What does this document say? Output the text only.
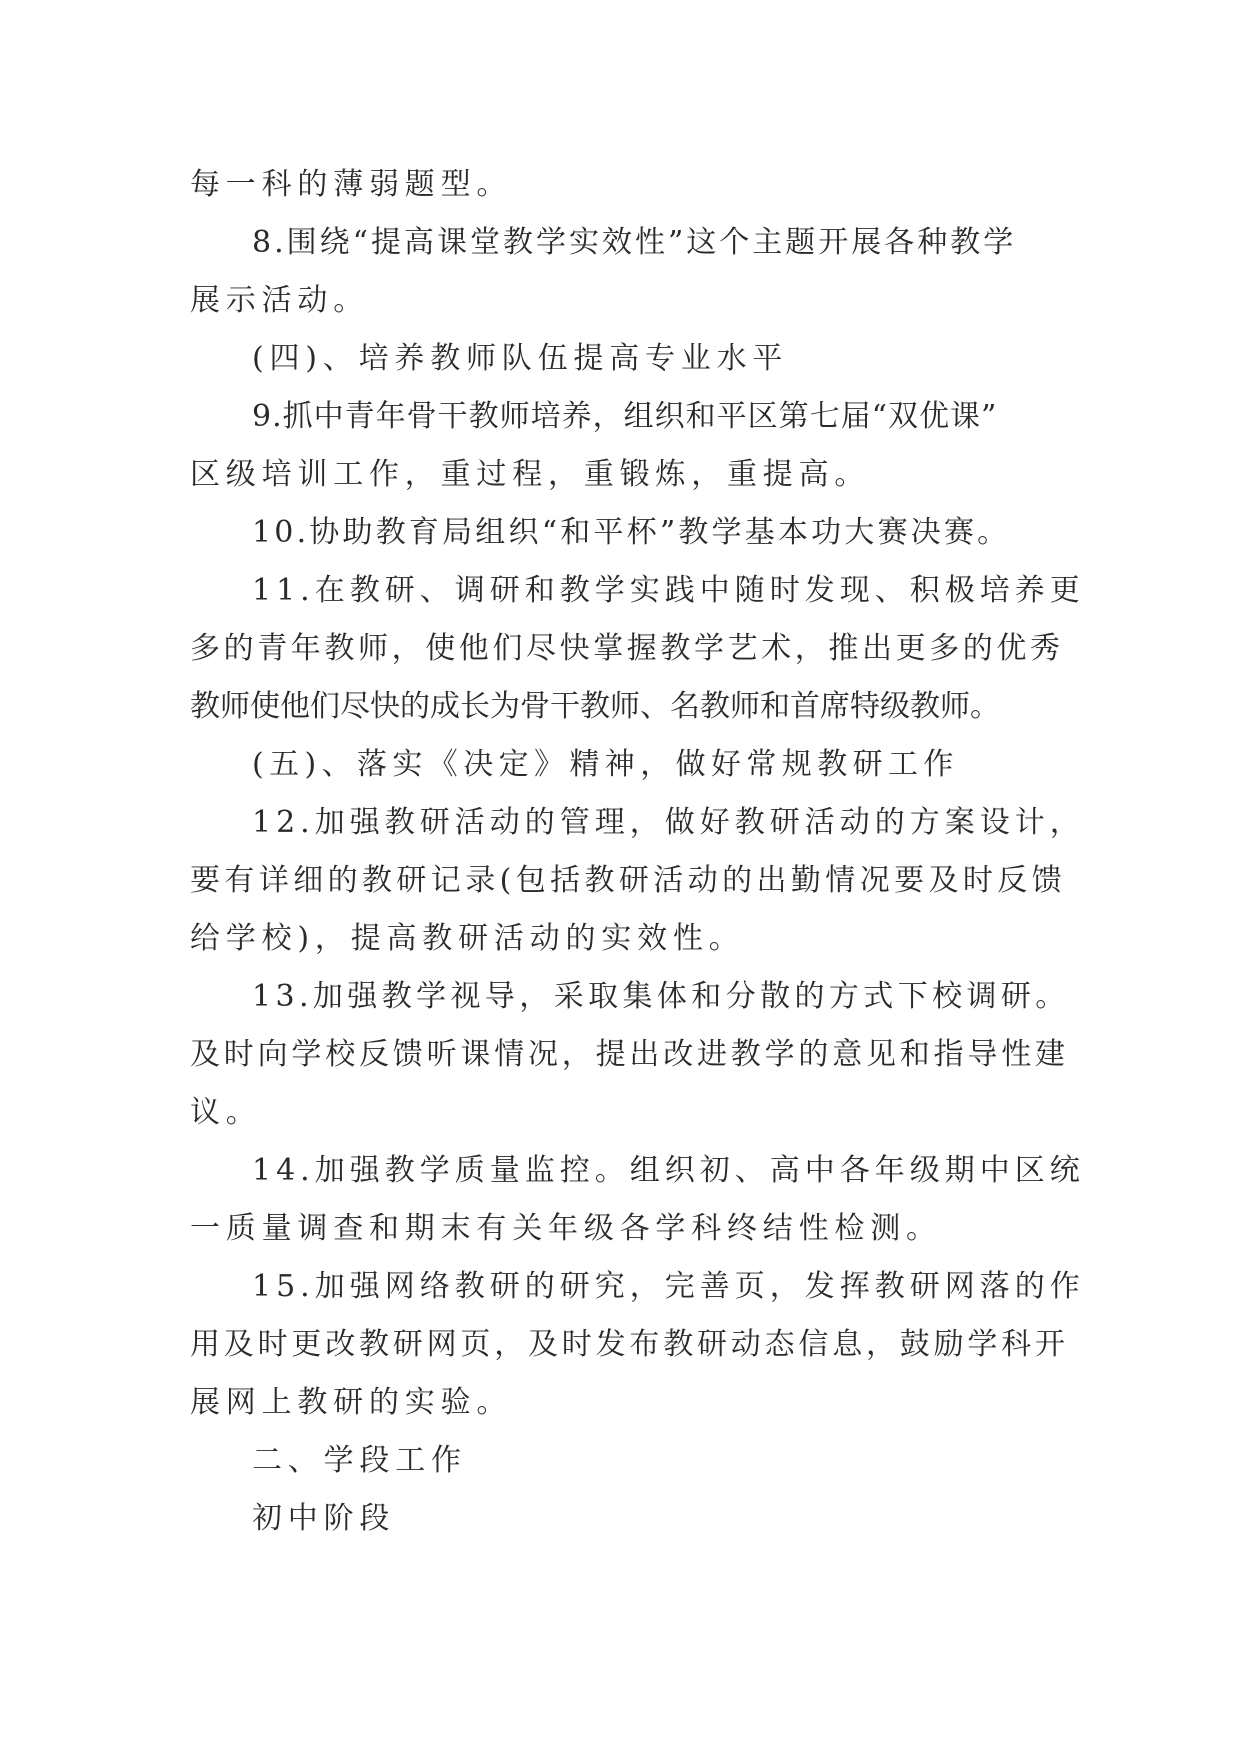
每一科的薄弱题型。

8.围绕“提高课堂教学实效性”这个主题开展各种教学

展示活动。

(四)、培养教师队伍提高专业水平

9.抓中青年骨干教师培养，组织和平区第七届“双优课”

区级培训工作，重过程，重锻炼，重提高。

10.协助教育局组织“和平杯”教学基本功大赛决赛。

11.在教研、调研和教学实践中随时发现、积极培养更

多的青年教师，使他们尽快掌握教学艺术，推出更多的优秀

教师使他们尽快的成长为骨干教师、名教师和首席特级教师。

(五)、落实《决定》精神，做好常规教研工作

12.加强教研活动的管理，做好教研活动的方案设计，

要有详细的教研记录(包括教研活动的出勤情况要及时反馈

给学校)，提高教研活动的实效性。

13.加强教学视导，采取集体和分散的方式下校调研。

及时向学校反馈听课情况，提出改进教学的意见和指导性建

议。

14.加强教学质量监控。组织初、高中各年级期中区统

一质量调查和期末有关年级各学科终结性检测。

15.加强网络教研的研究，完善页，发挥教研网落的作

用及时更改教研网页，及时发布教研动态信息，鼓励学科开

展网上教研的实验。

二、学段工作

初中阶段
